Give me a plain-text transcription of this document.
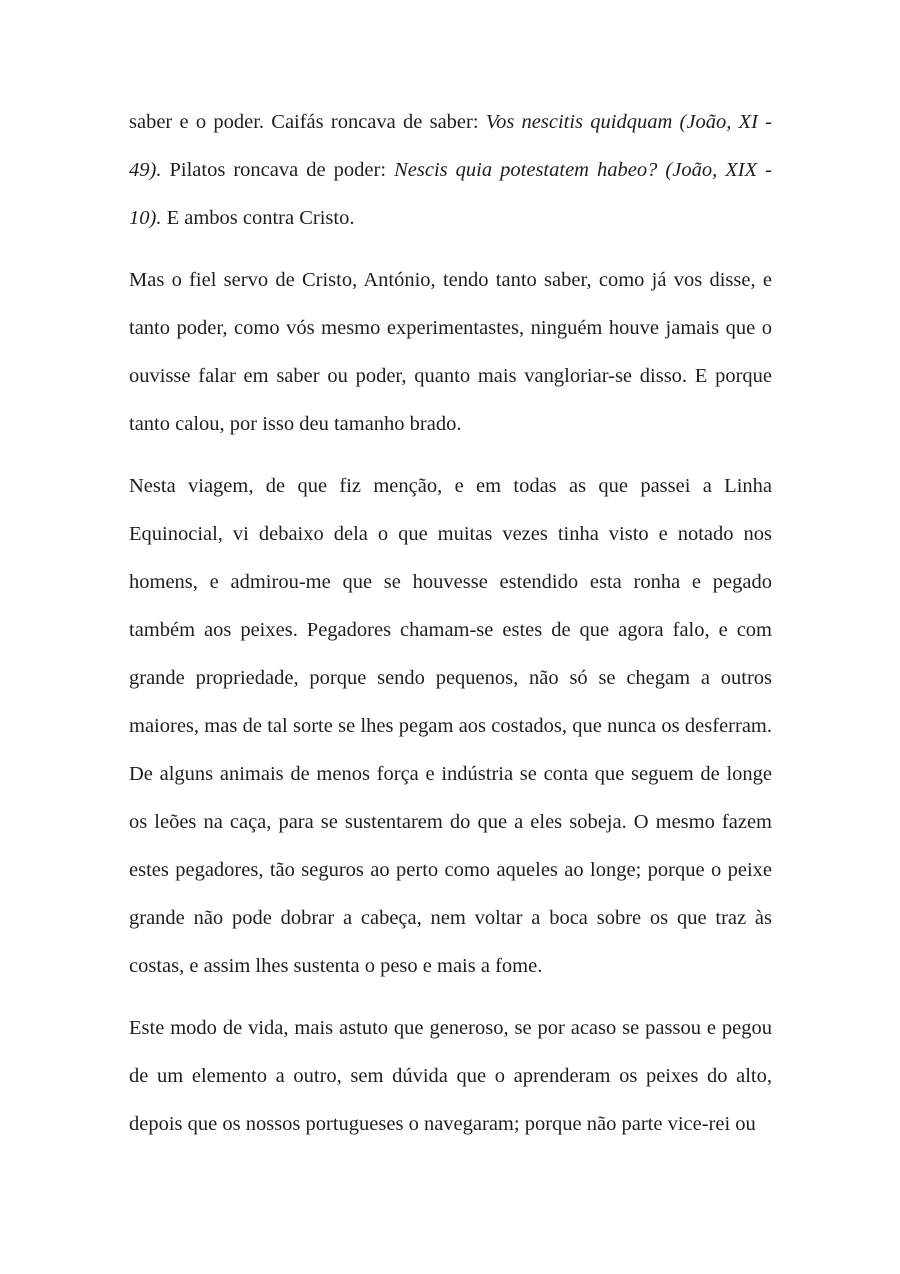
saber e o poder. Caifás roncava de saber: Vos nescitis quidquam (João, XI - 49). Pilatos roncava de poder: Nescis quia potestatem habeo? (João, XIX - 10). E ambos contra Cristo.

Mas o fiel servo de Cristo, António, tendo tanto saber, como já vos disse, e tanto poder, como vós mesmo experimentastes, ninguém houve jamais que o ouvisse falar em saber ou poder, quanto mais vangloriar-se disso. E porque tanto calou, por isso deu tamanho brado.

Nesta viagem, de que fiz menção, e em todas as que passei a Linha Equinocial, vi debaixo dela o que muitas vezes tinha visto e notado nos homens, e admirou-me que se houvesse estendido esta ronha e pegado também aos peixes. Pegadores chamam-se estes de que agora falo, e com grande propriedade, porque sendo pequenos, não só se chegam a outros maiores, mas de tal sorte se lhes pegam aos costados, que nunca os desferram. De alguns animais de menos força e indústria se conta que seguem de longe os leões na caça, para se sustentarem do que a eles sobeja. O mesmo fazem estes pegadores, tão seguros ao perto como aqueles ao longe; porque o peixe grande não pode dobrar a cabeça, nem voltar a boca sobre os que traz às costas, e assim lhes sustenta o peso e mais a fome.

Este modo de vida, mais astuto que generoso, se por acaso se passou e pegou de um elemento a outro, sem dúvida que o aprenderam os peixes do alto, depois que os nossos portugueses o navegaram; porque não parte vice-rei ou
